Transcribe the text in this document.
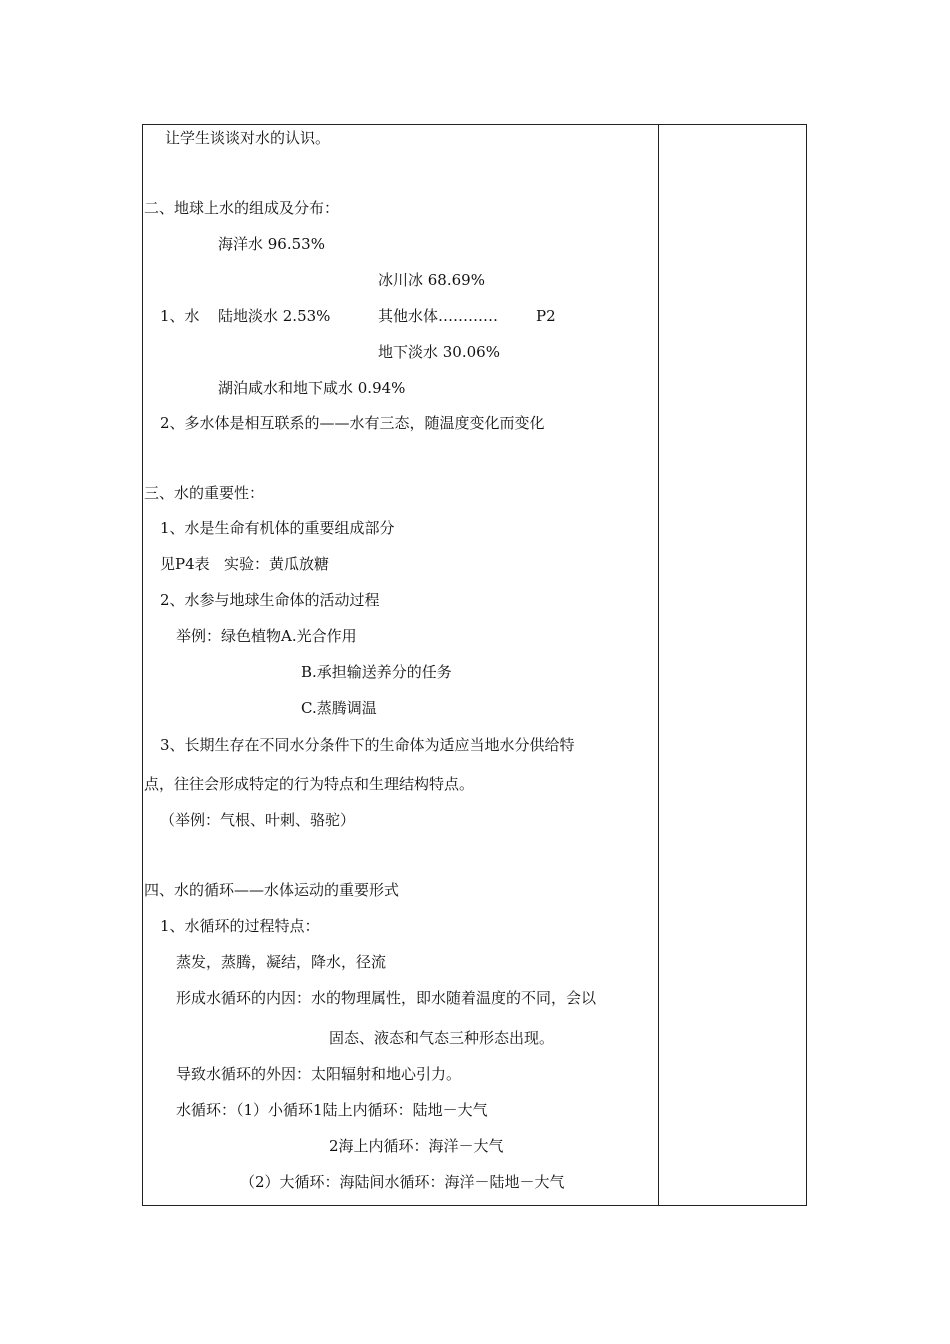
让学生谈谈对水的认识。
二、地球上水的组成及分布：
海洋水 96.53%
冰川冰 68.69%
1、水 陆地淡水 2.53%	其他水体…………	P2
地下淡水 30.06%
湖泊咸水和地下咸水 0.94%
2、多水体是相互联系的——水有三态，随温度变化而变化
三、水的重要性：
1、水是生命有机体的重要组成部分
见P4表   实验：黄瓜放糖
2、水参与地球生命体的活动过程
举例：绿色植物A.光合作用
B.承担输送养分的任务
C.蒸腾调温
3、长期生存在不同水分条件下的生命体为适应当地水分供给特
点，往往会形成特定的行为特点和生理结构特点。
（举例：气根、叶刺、骆驼）
四、水的循环——水体运动的重要形式
1、水循环的过程特点：
蒸发，蒸腾，凝结，降水，径流
形成水循环的内因：水的物理属性，即水随着温度的不同，会以
固态、液态和气态三种形态出现。
导致水循环的外因：太阳辐射和地心引力。
水循环：（1）小循环1陆上内循环：陆地－大气
2海上内循环：海洋－大气
（2）大循环：海陆间水循环：海洋－陆地－大气
